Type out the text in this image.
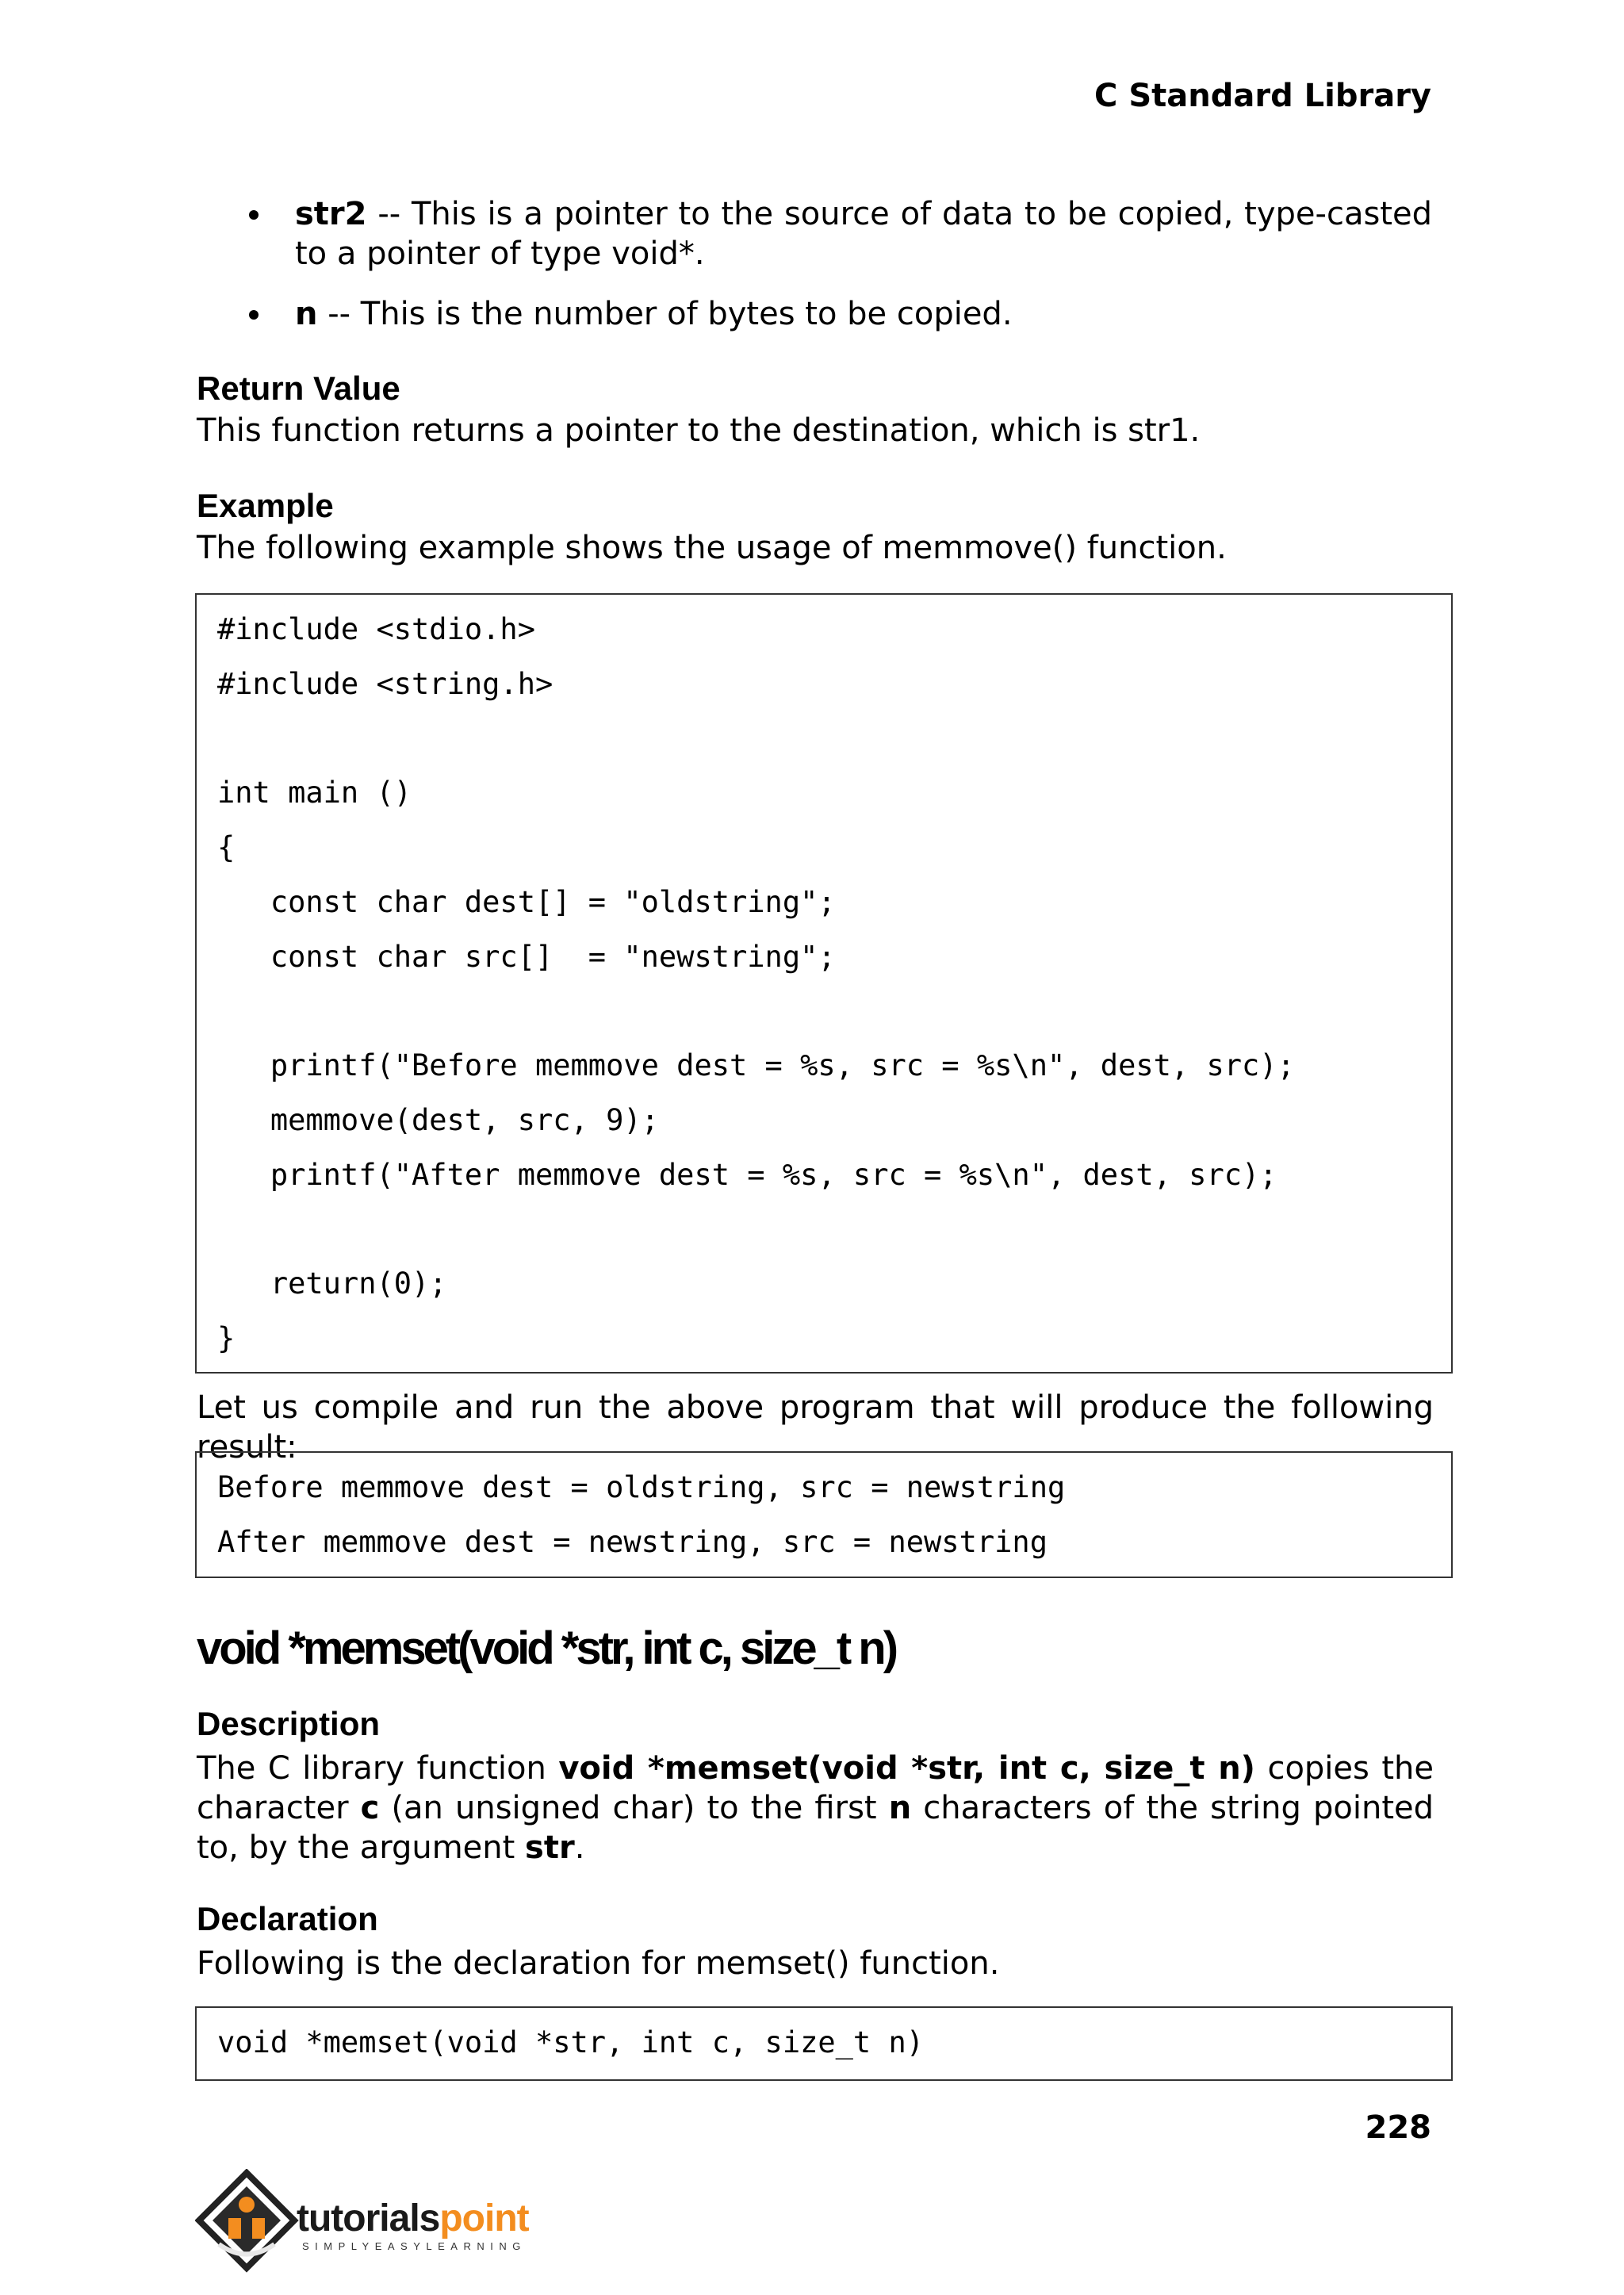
C Standard Library
str2 -- This is a pointer to the source of data to be copied, type-casted to a pointer of type void*.
n -- This is the number of bytes to be copied.
Return Value
This function returns a pointer to the destination, which is str1.
Example
The following example shows the usage of memmove() function.
#include <stdio.h>
#include <string.h>
int main ()
{
const char dest[] = "oldstring";
const char src[]  = "newstring";
printf("Before memmove dest = %s, src = %s\n", dest, src);
memmove(dest, src, 9);
printf("After memmove dest = %s, src = %s\n", dest, src);
return(0);
}
Let us compile and run the above program that will produce the following result:
Before memmove dest = oldstring, src = newstring
After memmove dest = newstring, src = newstring
void *memset(void *str, int c, size_t n)
Description
The C library function void *memset(void *str, int c, size_t n) copies the character c (an unsigned char) to the first n characters of the string pointed to, by the argument str.
Declaration
Following is the declaration for memset() function.
void *memset(void *str, int c, size_t n)
228
tutorialspoint
SIMPLYEASYLEARNING
